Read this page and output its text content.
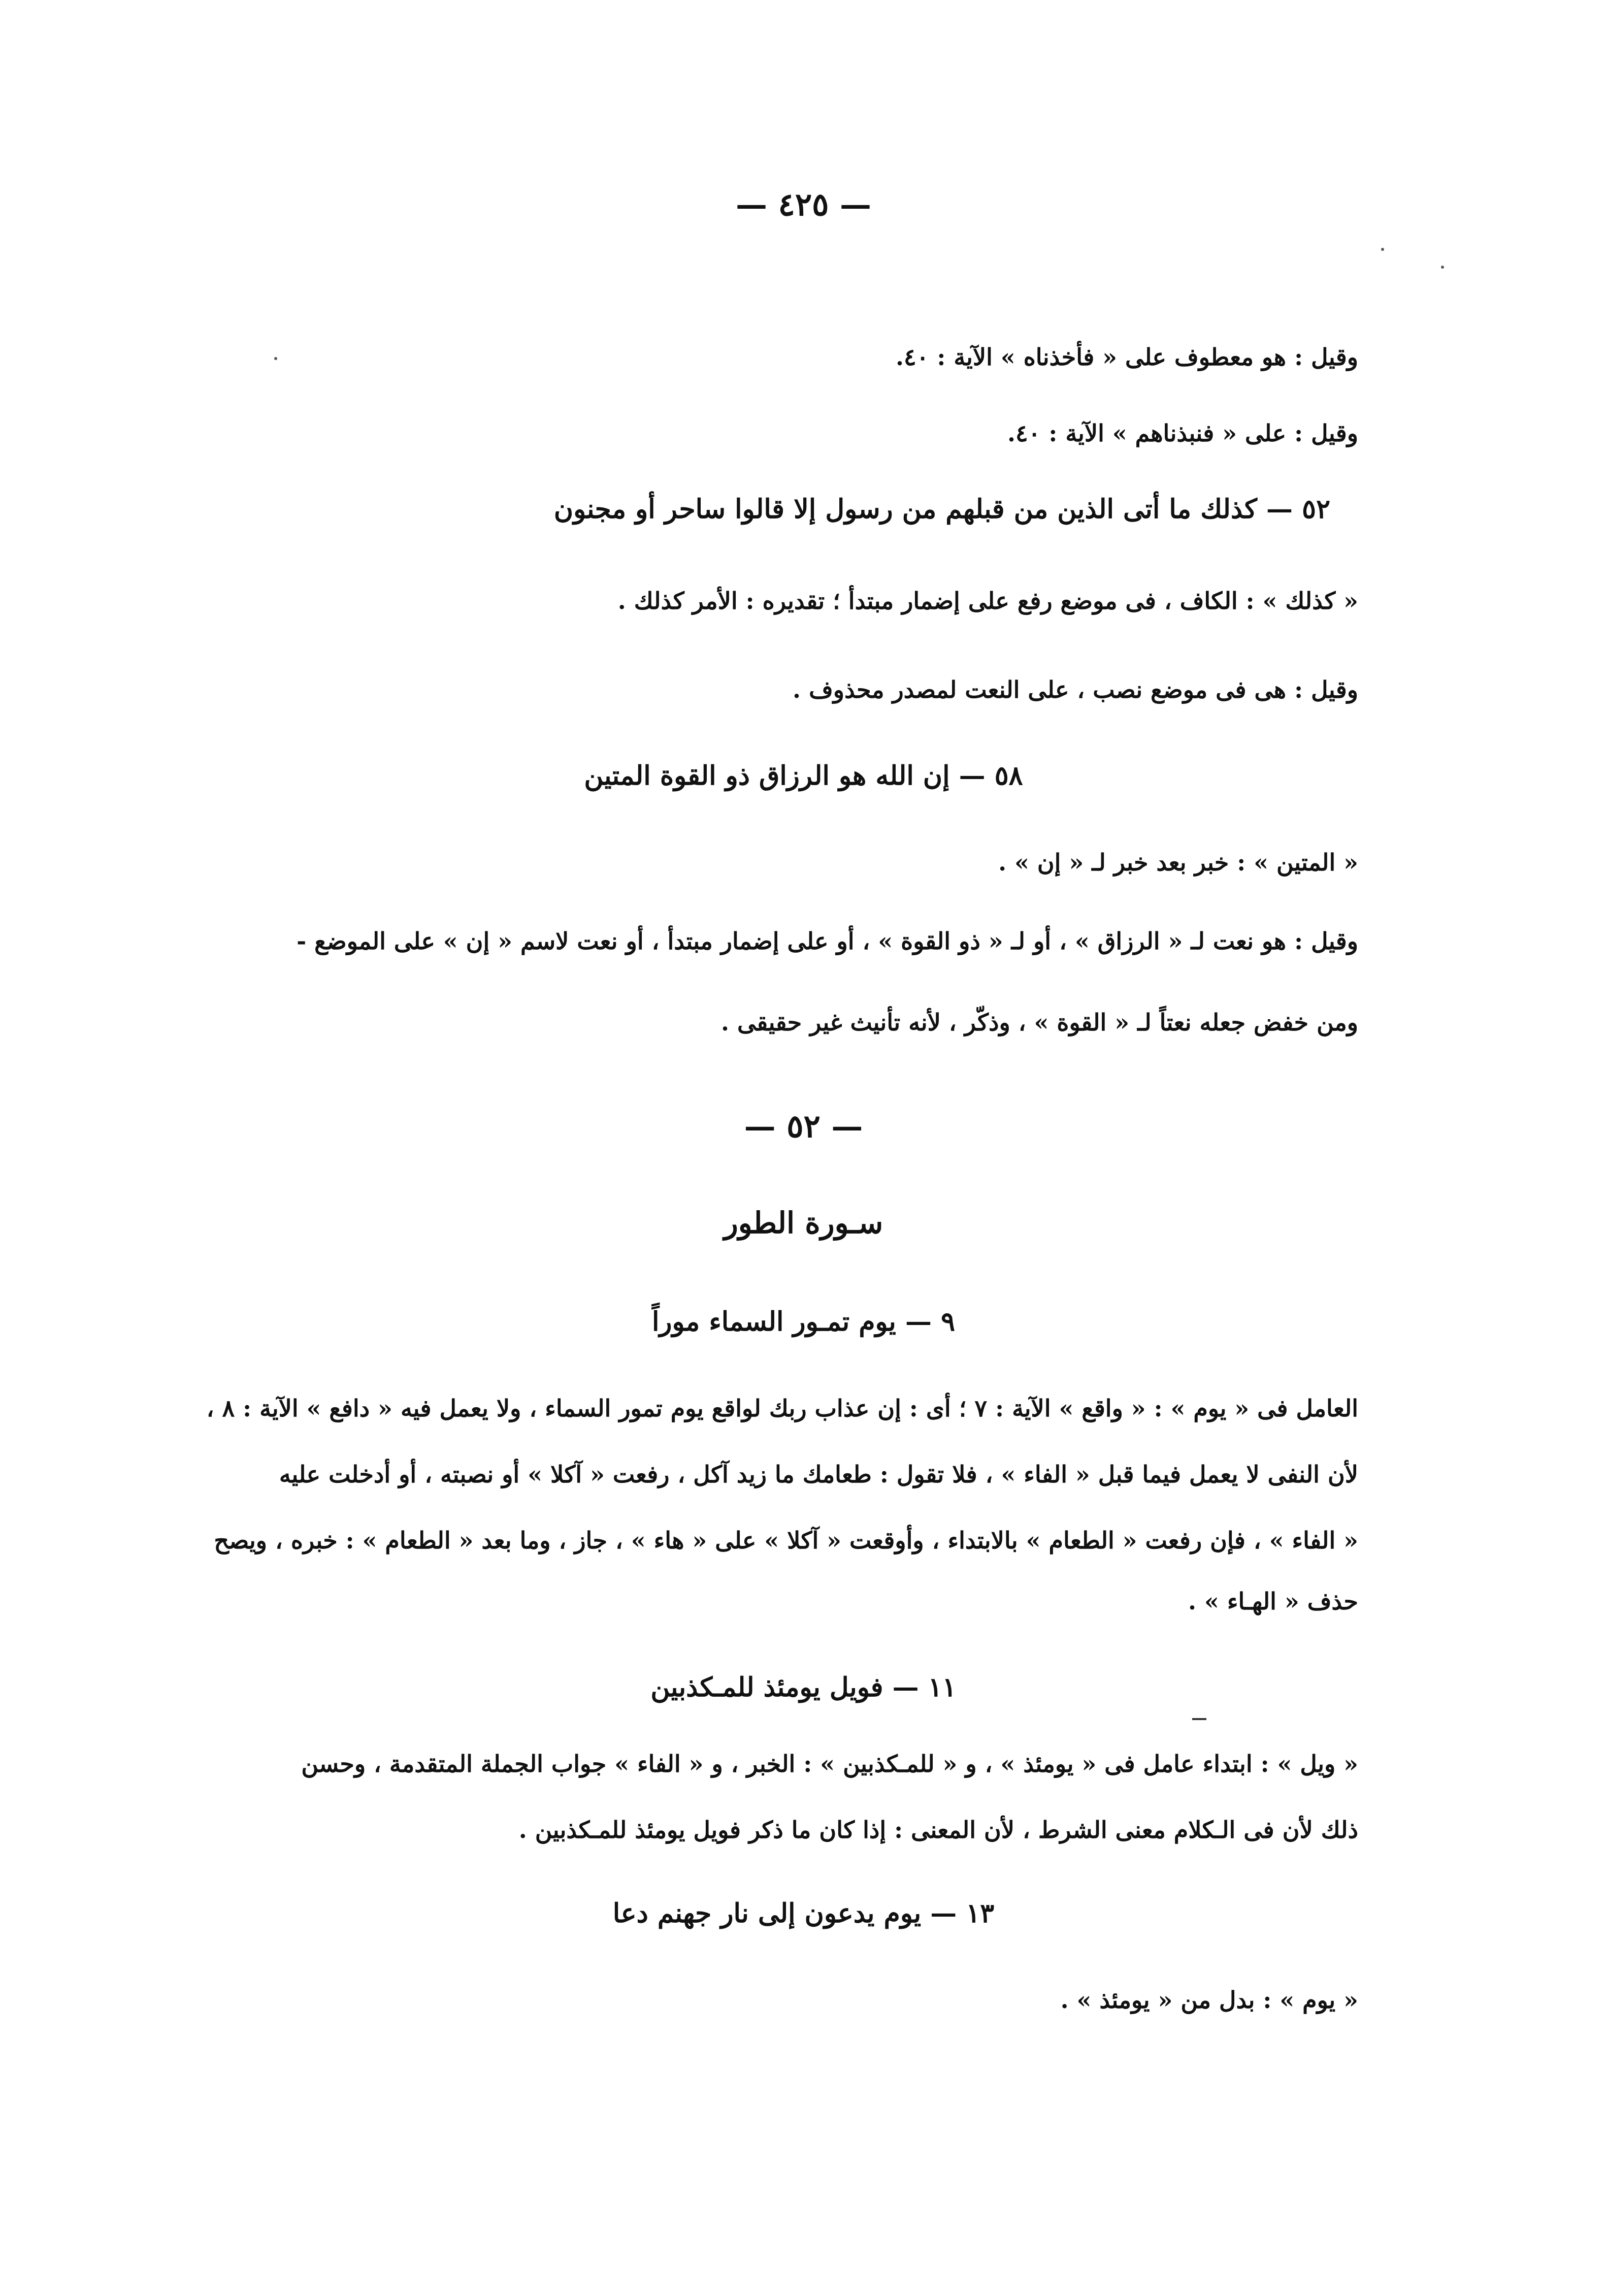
— ٤٢٥ —
وقيل : هو معطوف على « فأخذناه » الآية : ٤٠.
وقيل : على « فنبذناهم » الآية : ٤٠.
٥٢ — كذلك ما أتى الذين من قبلهم من رسول إلا قالوا ساحر أو مجنون
« كذلك » : الكاف ، فى موضع رفع على إضمار مبتدأ ؛ تقديره : الأمر كذلك .
وقيل : هى فى موضع نصب ، على النعت لمصدر محذوف .
٥٨ — إن الله هو الرزاق ذو القوة المتين
« المتين » : خبر بعد خبر لـ « إن » .
وقيل : هو نعت لـ « الرزاق » ، أو لـ « ذو القوة » ، أو على إضمار مبتدأ ، أو نعت لاسم « إن » على الموضع -
ومن خفض جعله نعتاً لـ « القوة » ، وذكّر ، لأنه تأنيث غير حقيقى .
— ٥٢ —
سـورة الطور
٩ — يوم تمـور السماء موراً
العامل فى « يوم » : « واقع » الآية : ٧ ؛ أى : إن عذاب ربك لواقع يوم تمور السماء ، ولا يعمل فيه « دافع » الآية : ٨ ،
لأن النفى لا يعمل فيما قبل « الفاء » ، فلا تقول : طعامك ما زيد آكل ، رفعت « آكلا » أو نصبته ، أو أدخلت عليه
« الفاء » ، فإن رفعت « الطعام » بالابتداء ، وأوقعت « آكلا » على « هاء » ، جاز ، وما بعد « الطعام » : خبره ، ويصح
حذف « الهـاء » .
١١ — فويل يومئذ للمـكذبين
« ويل » : ابتداء عامل فى « يومئذ » ، و « للمـكذبين » : الخبر ، و « الفاء » جواب الجملة المتقدمة ، وحسن
ذلك لأن فى الـكلام معنى الشرط ، لأن المعنى : إذا كان ما ذكر فويل يومئذ للمـكذبين .
١٣ — يوم يدعون إلى نار جهنم دعا
« يوم » : بدل من « يومئذ » .
